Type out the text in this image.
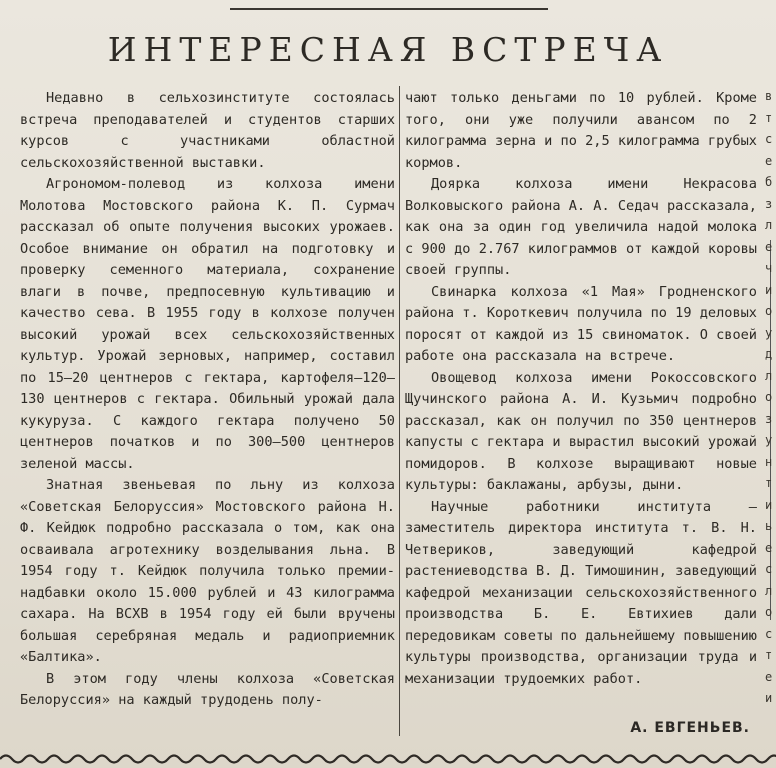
ИНТЕРЕСНАЯ ВСТРЕЧА

Недавно в сельхозинституте состоялась встреча преподавателей и студентов старших курсов с участниками областной сельскохозяйственной выставки.

Агрономом-полевод из колхоза имени Молотова Мостовского района К. П. Сурмач рассказал об опыте получения высоких урожаев. Особое внимание он обратил на подготовку и проверку семенного материала, сохранение влаги в почве, предпосевную культивацию и качество сева. В 1955 году в колхозе получен высокий урожай всех сельскохозяйственных культур. Урожай зерновых, например, составил по 15—20 центнеров с гектара, картофеля—120—130 центнеров с гектара. Обильный урожай дала кукуруза. С каждого гектара получено 50 центнеров початков и по 300—500 центнеров зеленой массы.

Знатная звеньевая по льну из колхоза «Советская Белоруссия» Мостовского района Н. Ф. Кейдюк подробно рассказала о том, как она осваивала агротехнику возделывания льна. В 1954 году т. Кейдюк получила только премии-надбавки около 15.000 рублей и 43 килограмма сахара. На ВСХВ в 1954 году ей были вручены большая серебряная медаль и радиоприемник «Балтика».

В этом году члены колхоза «Советская Белоруссия» на каждый трудодень полу-

чают только деньгами по 10 рублей. Кроме того, они уже получили авансом по 2 килограмма зерна и по 2,5 килограмма грубых кормов.

Доярка колхоза имени Некрасова Волковыского района А. А. Седач рассказала, как она за один год увеличила надой молока с 900 до 2.767 килограммов от каждой коровы своей группы.

Свинарка колхоза «1 Мая» Гродненского района т. Короткевич получила по 19 деловых поросят от каждой из 15 свиноматок. О своей работе она рассказала на встрече.

Овощевод колхоза имени Рокоссовского Щучинского района А. И. Кузьмич подробно рассказал, как он получил по 350 центнеров капусты с гектара и вырастил высокий урожай помидоров. В колхозе выращивают новые культуры: баклажаны, арбузы, дыни.

Научные работники института — заместитель директора института т. В. Н. Четвериков, заведующий кафедрой растениеводства В. Д. Тимошинин, заведующий кафедрой механизации сельскохозяйственного производства Б. Е. Евтихиев дали передовикам советы по дальнейшему повышению культуры производства, организации труда и механизации трудоемких работ.

А. ЕВГЕНЬЕВ.
в
т
с
е
б
з
л
е
ч
и
о
у
д
л
о
з
у
н
т
и
ь
е
с
л
о
с
т
е
и
